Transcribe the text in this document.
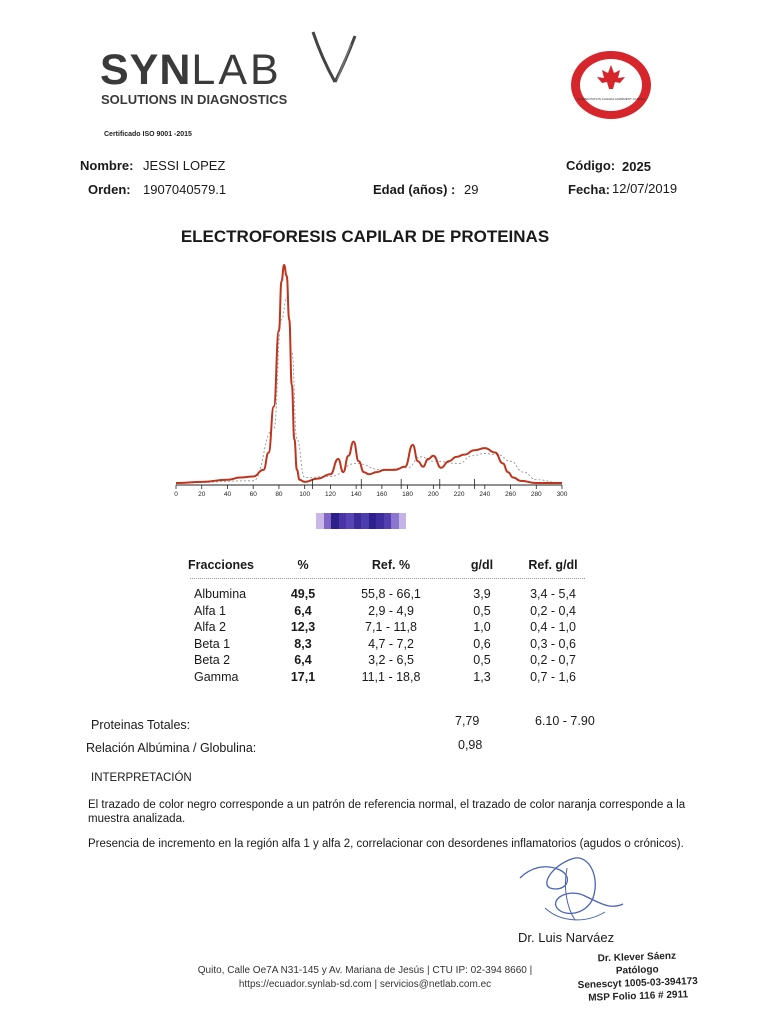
SYNLAB
SOLUTIONS IN DIAGNOSTICS
Certificado ISO 9001 -2015
ACCREDITATION CANADA AGRÉMENT CANADA
Nombre: JESSI LOPEZ
Orden: 1907040579.1	Edad (años) : 29
Código: 2025
Fecha: 12/07/2019
ELECTROFORESIS CAPILAR DE PROTEINAS
0	20	40	60	80	100 120 140 160 180 200 220 240 260 280 300
Fracciones	%	Ref. %	g/dl	Ref. g/dl

Albumina	49,5	55,8 - 66,1	3,9	3,4 - 5,4
Alfa 1	6,4	2,9 - 4,9	0,5	0,2 - 0,4
Alfa 2	12,3	7,1 - 11,8	1,0	0,4 - 1,0
Beta 1	8,3	4,7 - 7,2	0,6	0,3 - 0,6
Beta 2	6,4	3,2 - 6,5	0,5	0,2 - 0,7
Gamma	17,1	11,1 - 18,8	1,3	0,7 - 1,6
Proteinas Totales:	7,79	6.10 - 7.90
Relación Albúmina / Globulina:	0,98
INTERPRETACIÓN
El trazado de color negro corresponde a un patrón de referencia normal, el trazado de color naranja corresponde a la muestra analizada.
Presencia de incremento en la región alfa 1 y alfa 2, correlacionar con desordenes inflamatorios (agudos o crónicos).
Dr. Luis Narváez
Dr. Klever Sáenz
Patólogo
Senescyt 1005-03-394173
MSP Folio 116 # 2911
Quito, Calle Oe7A N31-145 y Av. Mariana de Jesús | CTU IP: 02-394 8660 |
https://ecuador.synlab-sd.com | servicios@netlab.com.ec
